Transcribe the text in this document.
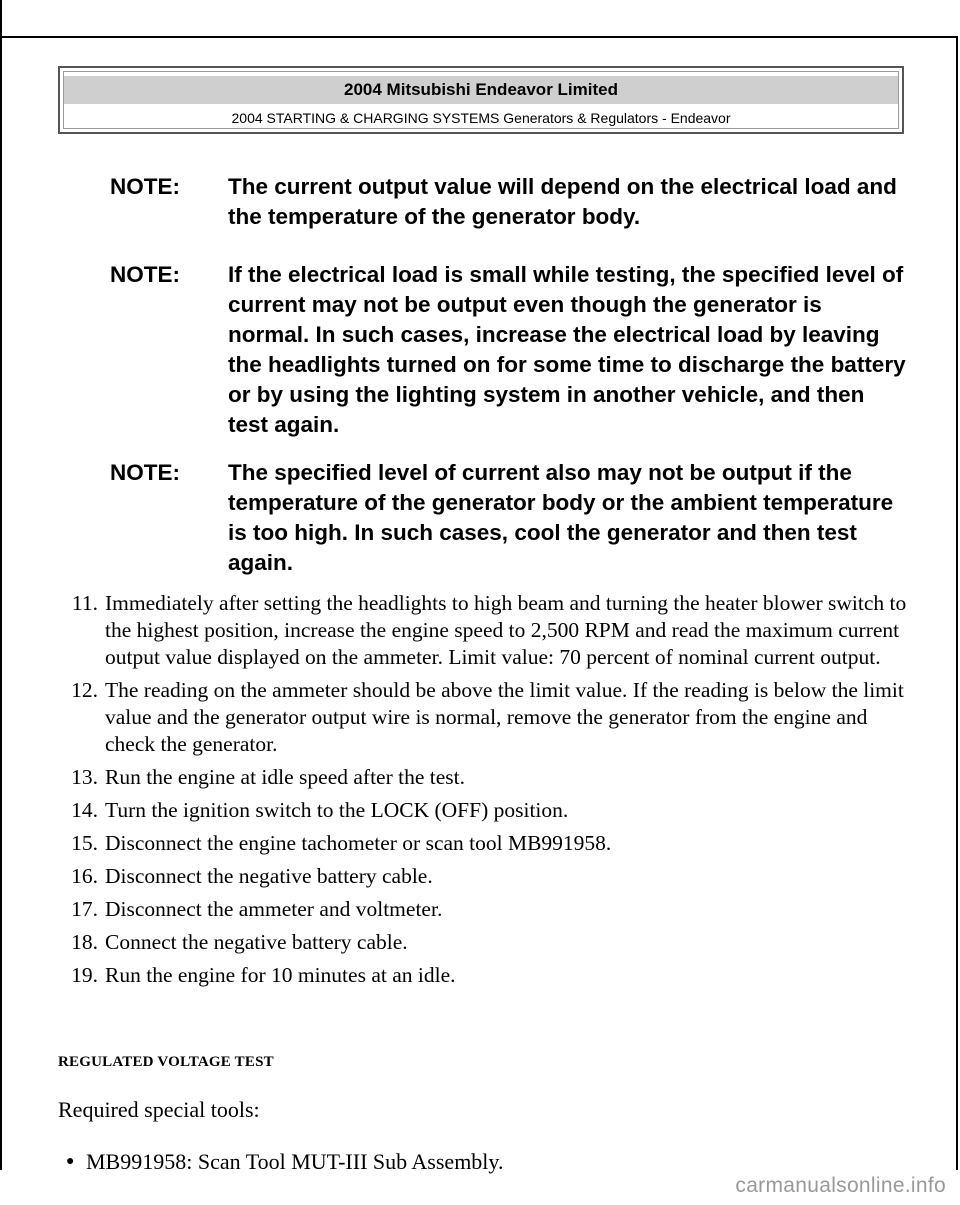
2004 Mitsubishi Endeavor Limited
2004 STARTING & CHARGING SYSTEMS Generators & Regulators - Endeavor
NOTE: The current output value will depend on the electrical load and the temperature of the generator body.
NOTE: If the electrical load is small while testing, the specified level of current may not be output even though the generator is normal. In such cases, increase the electrical load by leaving the headlights turned on for some time to discharge the battery or by using the lighting system in another vehicle, and then test again.
NOTE: The specified level of current also may not be output if the temperature of the generator body or the ambient temperature is too high. In such cases, cool the generator and then test again.
11. Immediately after setting the headlights to high beam and turning the heater blower switch to the highest position, increase the engine speed to 2,500 RPM and read the maximum current output value displayed on the ammeter. Limit value: 70 percent of nominal current output.
12. The reading on the ammeter should be above the limit value. If the reading is below the limit value and the generator output wire is normal, remove the generator from the engine and check the generator.
13. Run the engine at idle speed after the test.
14. Turn the ignition switch to the LOCK (OFF) position.
15. Disconnect the engine tachometer or scan tool MB991958.
16. Disconnect the negative battery cable.
17. Disconnect the ammeter and voltmeter.
18. Connect the negative battery cable.
19. Run the engine for 10 minutes at an idle.
REGULATED VOLTAGE TEST
Required special tools:
● MB991958: Scan Tool MUT-III Sub Assembly.
carmanualsonline.info
